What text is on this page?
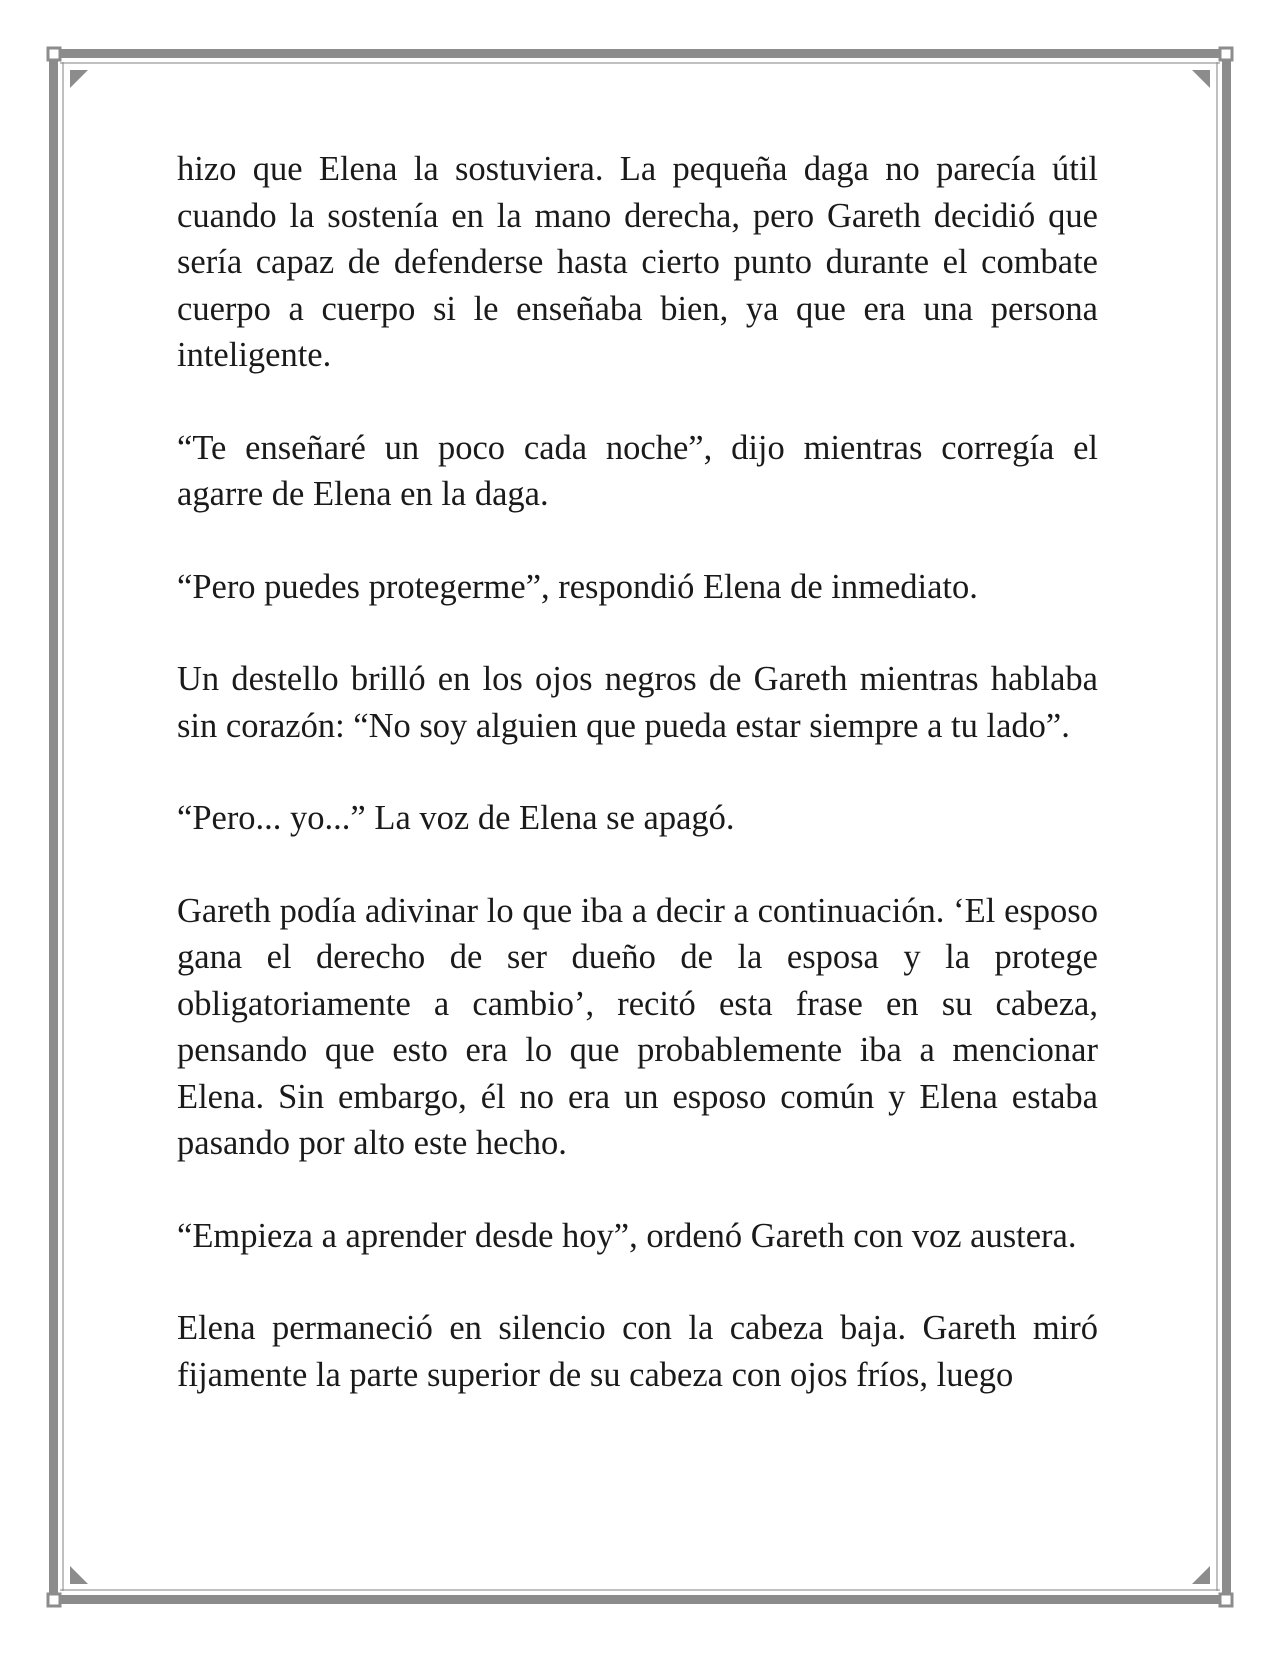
hizo que Elena la sostuviera. La pequeña daga no parecía útil cuando la sostenía en la mano derecha, pero Gareth decidió que sería capaz de defenderse hasta cierto punto durante el combate cuerpo a cuerpo si le enseñaba bien, ya que era una persona inteligente.

“Te enseñaré un poco cada noche”, dijo mientras corregía el agarre de Elena en la daga.

“Pero puedes protegerme”, respondió Elena de inmediato.

Un destello brilló en los ojos negros de Gareth mientras hablaba sin corazón: “No soy alguien que pueda estar siempre a tu lado”.

“Pero... yo...” La voz de Elena se apagó.

Gareth podía adivinar lo que iba a decir a continuación. ‘El esposo gana el derecho de ser dueño de la esposa y la protege obligatoriamente a cambio’, recitó esta frase en su cabeza, pensando que esto era lo que probablemente iba a mencionar Elena. Sin embargo, él no era un esposo común y Elena estaba pasando por alto este hecho.

“Empieza a aprender desde hoy”, ordenó Gareth con voz austera.

Elena permaneció en silencio con la cabeza baja. Gareth miró fijamente la parte superior de su cabeza con ojos fríos, luego
